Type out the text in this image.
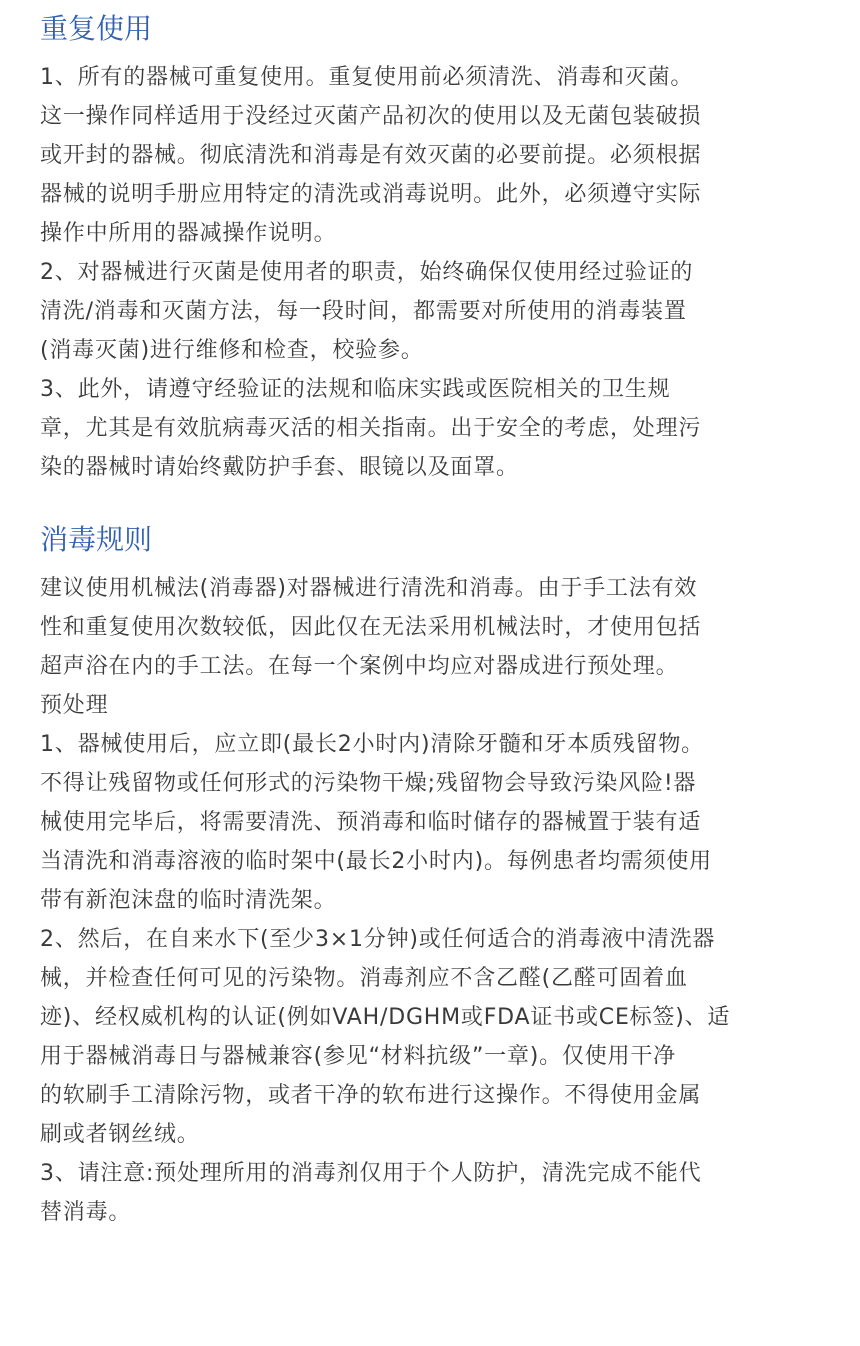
重复使用

1、所有的器械可重复使用。重复使用前必须清洗、消毒和灭菌。

这一操作同样适用于没经过灭菌产品初次的使用以及无菌包装破损

或开封的器械。彻底清洗和消毒是有效灭菌的必要前提。必须根据

器械的说明手册应用特定的清洗或消毒说明。此外，必须遵守实际

操作中所用的器减操作说明。

2、对器械进行灭菌是使用者的职责，始终确保仅使用经过验证的

清洗/消毒和灭菌方法，每一段时间，都需要对所使用的消毒装置

(消毒灭菌)进行维修和检查，校验参。

3、此外，请遵守经验证的法规和临床实践或医院相关的卫生规

章，尤其是有效肮病毒灭活的相关指南。出于安全的考虑，处理污

染的器械时请始终戴防护手套、眼镜以及面罩。

消毒规则

建议使用机械法(消毒器)对器械进行清洗和消毒。由于手工法有效

性和重复使用次数较低，因此仅在无法采用机械法时，才使用包括

超声浴在内的手工法。在每一个案例中均应对器成进行预处理。

预处理

1、器械使用后，应立即(最长2小时内)清除牙髓和牙本质残留物。

不得让残留物或任何形式的污染物干燥;残留物会导致污染风险!器

械使用完毕后，将需要清洗、预消毒和临时储存的器械置于装有适

当清洗和消毒溶液的临时架中(最长2小时内)。每例患者均需须使用

带有新泡沫盘的临时清洗架。

2、然后，在自来水下(至少3×1分钟)或任何适合的消毒液中清洗器

械，并检查任何可见的污染物。消毒剂应不含乙醛(乙醛可固着血

迹)、经权威机构的认证(例如VAH/DGHM或FDA证书或CE标签)、适

用于器械消毒日与器械兼容(参见“材料抗级”一章)。仅使用干净

的软刷手工清除污物，或者干净的软布进行这操作。不得使用金属

刷或者钢丝绒。

3、请注意:预处理所用的消毒剂仅用于个人防护，清洗完成不能代

替消毒。
